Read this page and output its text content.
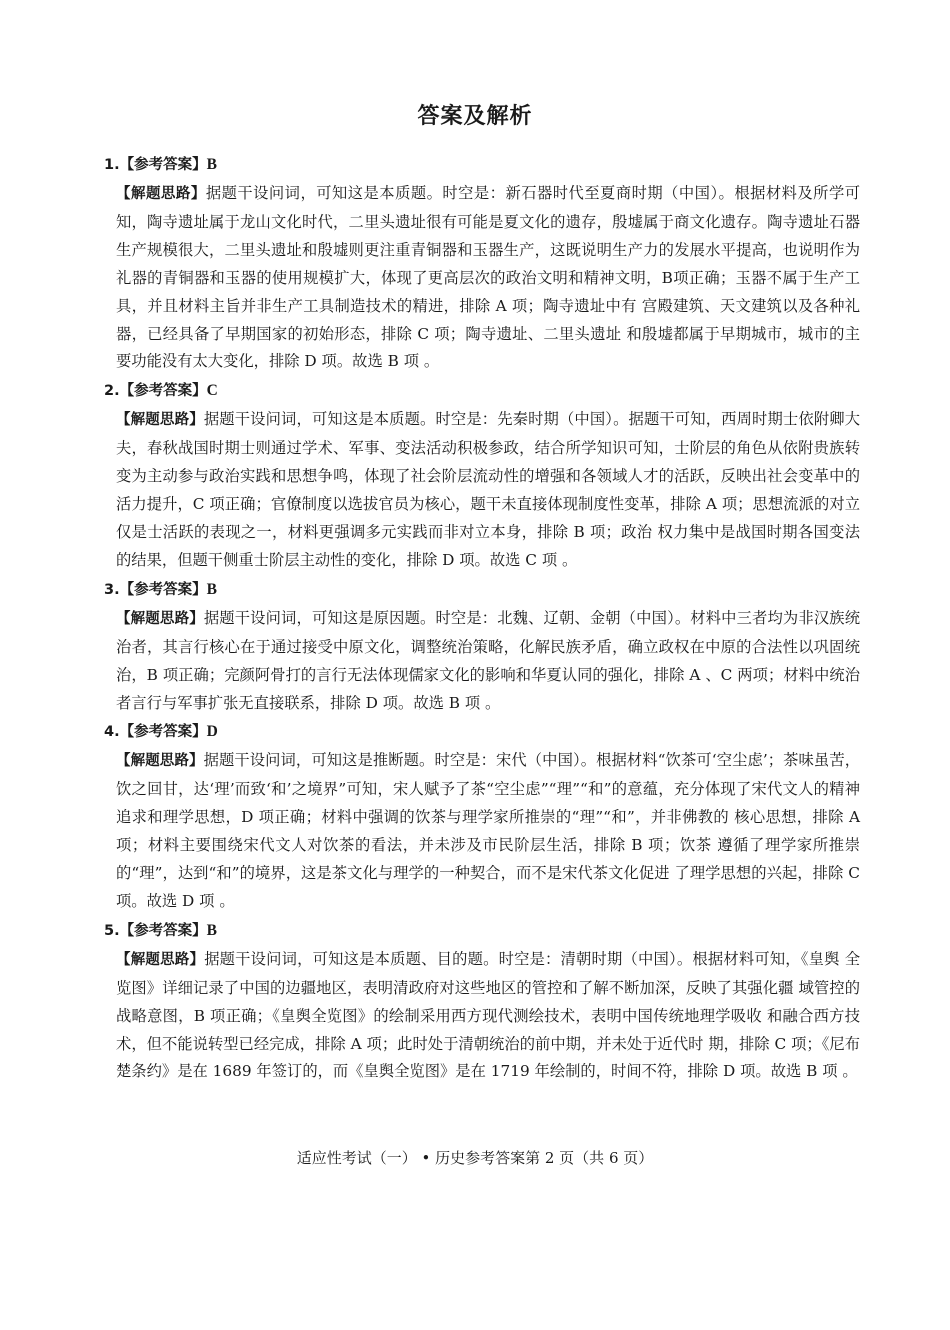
答案及解析
1.【参考答案】B
【解题思路】据题干设问词，可知这是本质题。时空是：新石器时代至夏商时期（中国）。根据材料及所学可知，陶寺遗址属于龙山文化时代，二里头遗址很有可能是夏文化的遗存，殷墟属于商文化遗存。陶寺遗址石器生产规模很大，二里头遗址和殷墟则更注重青铜器和玉器生产，这既说明生产力的发展水平提高，也说明作为礼器的青铜器和玉器的使用规模扩大，体现了更高层次的政治文明和精神文明，B项正确；玉器不属于生产工具，并且材料主旨并非生产工具制造技术的精进，排除 A 项；陶寺遗址中有 宫殿建筑、天文建筑以及各种礼器，已经具备了早期国家的初始形态，排除 C 项；陶寺遗址、二里头遗址 和殷墟都属于早期城市，城市的主要功能没有太大变化，排除 D 项。故选 B 项 。
2.【参考答案】C
【解题思路】据题干设问词，可知这是本质题。时空是：先秦时期（中国）。据题干可知，西周时期士依附卿大夫，春秋战国时期士则通过学术、军事、变法活动积极参政，结合所学知识可知，士阶层的角色从依附贵族转变为主动参与政治实践和思想争鸣，体现了社会阶层流动性的增强和各领域人才的活跃，反映出社会变革中的活力提升，C 项正确；官僚制度以选拔官员为核心，题干未直接体现制度性变革，排除 A 项；思想流派的对立仅是士活跃的表现之一，材料更强调多元实践而非对立本身，排除 B 项；政治 权力集中是战国时期各国变法的结果，但题干侧重士阶层主动性的变化，排除 D 项。故选 C 项 。
3.【参考答案】B
【解题思路】据题干设问词，可知这是原因题。时空是：北魏、辽朝、金朝（中国）。材料中三者均为非汉族统治者，其言行核心在于通过接受中原文化，调整统治策略，化解民族矛盾，确立政权在中原的合法性以巩固统治，B 项正确；完颜阿骨打的言行无法体现儒家文化的影响和华夏认同的强化，排除 A 、C 两项；材料中统治者言行与军事扩张无直接联系，排除 D 项。故选 B 项 。
4.【参考答案】D
【解题思路】据题干设问词，可知这是推断题。时空是：宋代（中国）。根据材料“饮茶可‘空尘虑’；茶味虽苦，饮之回甘，达‘理’而致‘和’之境界”可知，宋人赋予了茶“空尘虑”“理”“和”的意蕴，充分体现了宋代文人的精神追求和理学思想，D 项正确；材料中强调的饮茶与理学家所推崇的“理”“和”，并非佛教的 核心思想，排除 A 项；材料主要围绕宋代文人对饮茶的看法，并未涉及市民阶层生活，排除 B 项；饮茶 遵循了理学家所推崇的“理”，达到“和”的境界，这是茶文化与理学的一种契合，而不是宋代茶文化促进 了理学思想的兴起，排除 C 项。故选 D 项 。
5.【参考答案】B
【解题思路】据题干设问词，可知这是本质题、目的题。时空是：清朝时期（中国）。根据材料可知，《皇舆 全览图》详细记录了中国的边疆地区，表明清政府对这些地区的管控和了解不断加深，反映了其强化疆 域管控的战略意图，B 项正确；《皇舆全览图》的绘制采用西方现代测绘技术，表明中国传统地理学吸收 和融合西方技术，但不能说转型已经完成，排除 A 项；此时处于清朝统治的前中期，并未处于近代时 期，排除 C 项；《尼布楚条约》是在 1689 年签订的，而《皇舆全览图》是在 1719 年绘制的，时间不符，排除 D 项。故选 B 项 。
适应性考试（一） • 历史参考答案第 2 页（共 6 页）
